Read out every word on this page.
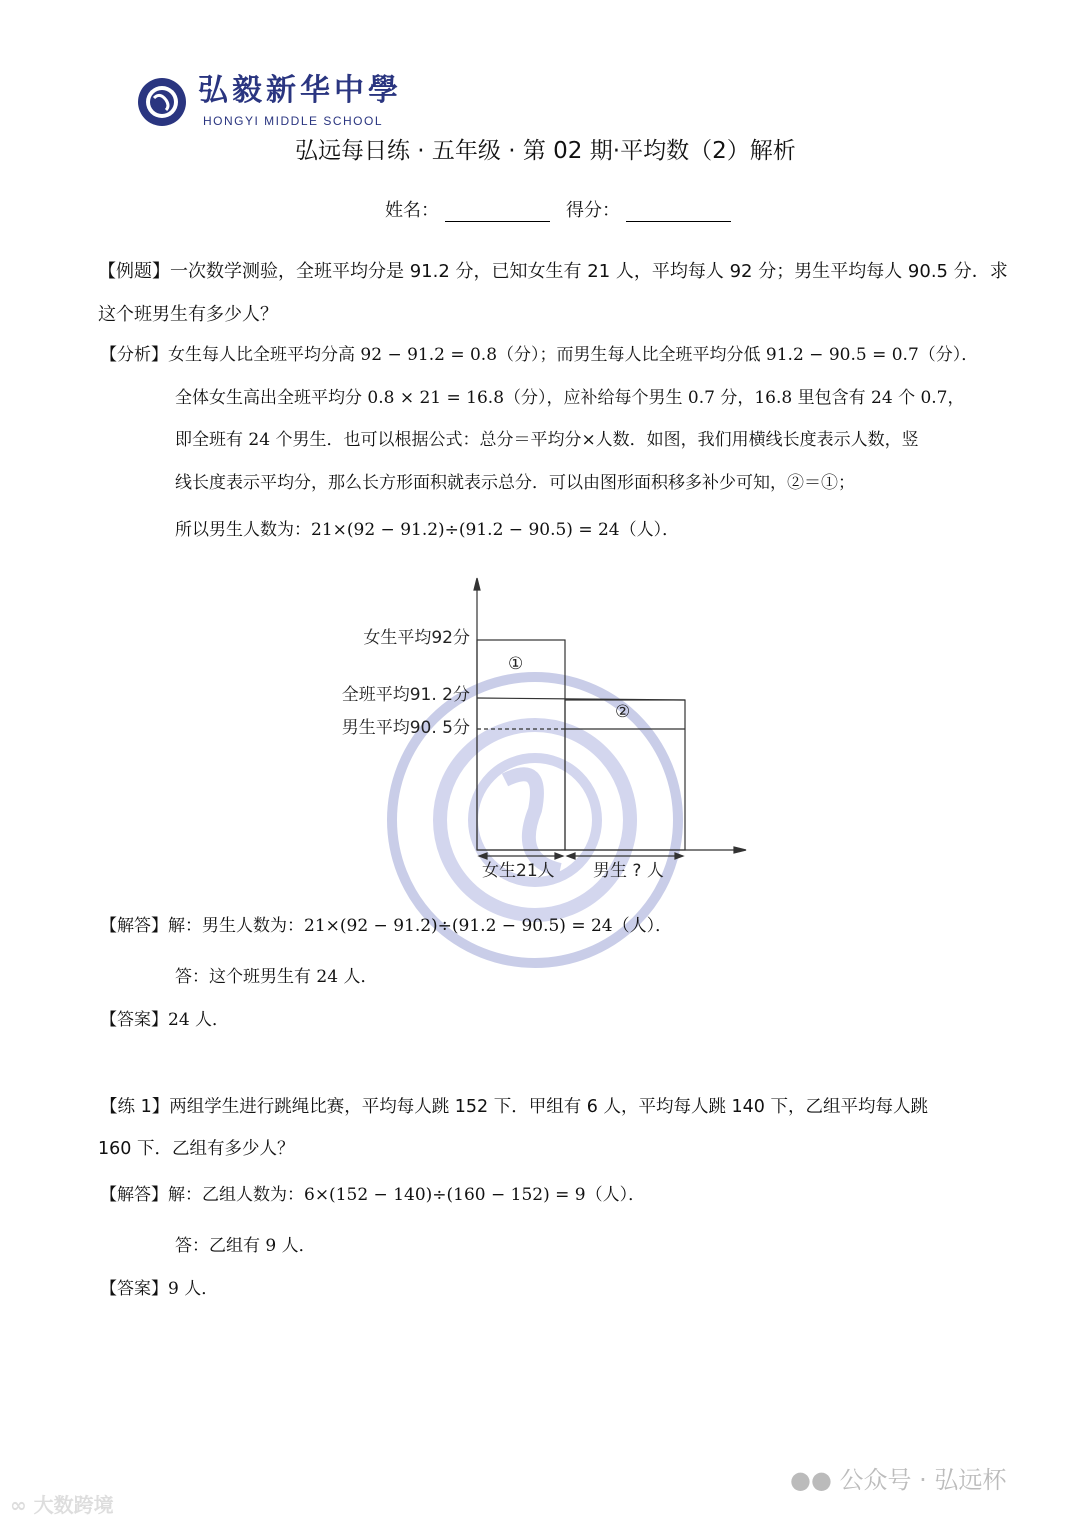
弘毅新华中學
HONGYI MIDDLE SCHOOL
弘远每日练 · 五年级 · 第 02 期·平均数（2）解析
姓名：	得分：
【例题】一次数学测验，全班平均分是 91.2 分，已知女生有 21 人，平均每人 92 分；男生平均每人 90.5 分．求
这个班男生有多少人？
【分析】女生每人比全班平均分高 92 − 91.2 = 0.8（分）；而男生每人比全班平均分低 91.2 − 90.5 = 0.7（分）．
全体女生高出全班平均分 0.8 × 21 = 16.8（分），应补给每个男生 0.7 分，16.8 里包含有 24 个 0.7，
即全班有 24 个男生．也可以根据公式：总分＝平均分×人数．如图，我们用横线长度表示人数，竖
线长度表示平均分，那么长方形面积就表示总分．可以由图形面积移多补少可知，②＝①；
所以男生人数为：21×(92 − 91.2)÷(91.2 − 90.5) = 24（人）．
女生平均92分
全班平均91. 2分
男生平均90. 5分
①
②
女生21人 男生 ? 人
【解答】解：男生人数为：21×(92 − 91.2)÷(91.2 − 90.5) = 24（人）．
答：这个班男生有 24 人．
【答案】24 人．
【练 1】两组学生进行跳绳比赛，平均每人跳 152 下．甲组有 6 人，平均每人跳 140 下，乙组平均每人跳
160 下．乙组有多少人？
【解答】解：乙组人数为：6×(152 − 140)÷(160 − 152) = 9（人）．
答：乙组有 9 人．
【答案】9 人．
●● 公众号 · 弘远杯
∞ 大数跨境
